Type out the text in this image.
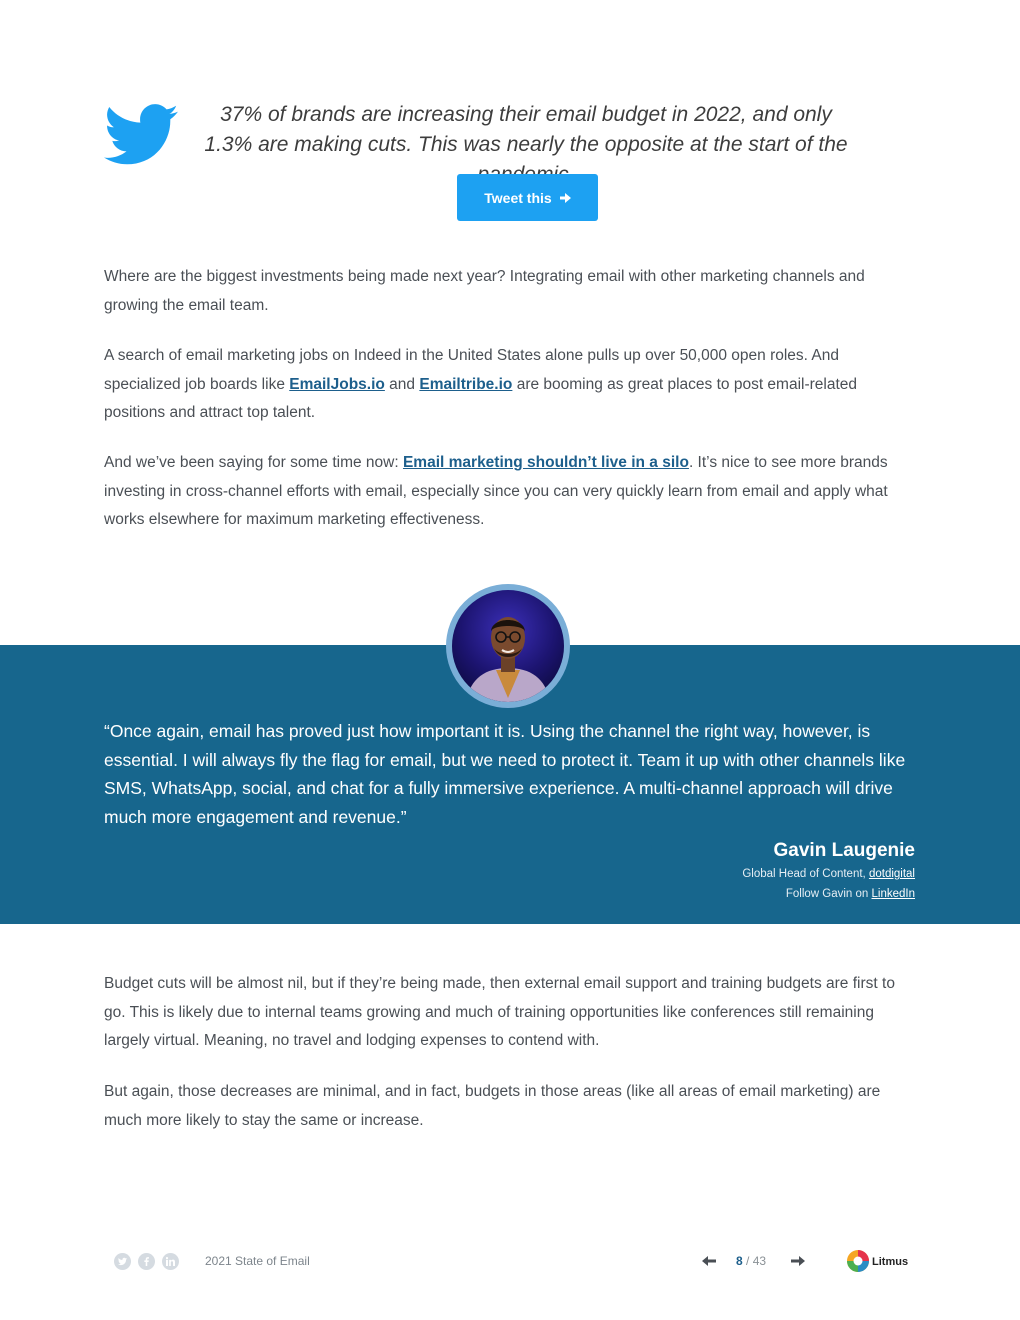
37% of brands are increasing their email budget in 2022, and only 1.3% are making cuts. This was nearly the opposite at the start of the
Tweet this

Where are the biggest investments being made next year? Integrating email with other marketing channels and growing the email team.

A search of email marketing jobs on Indeed in the United States alone pulls up over 50,000 open roles. And specialized job boards like EmailJobs.io and Emailtribe.io are booming as great places to post email-related positions and attract top talent.

And we’ve been saying for some time now: Email marketing shouldn’t live in a silo. It’s nice to see more brands investing in cross-channel efforts with email, especially since you can very quickly learn from email and apply what works elsewhere for maximum marketing effectiveness.

“Once again, email has proved just how important it is. Using the channel the right way, however, is essential. I will always fly the flag for email, but we need to protect it. Team it up with other channels like SMS, WhatsApp, social, and chat for a fully immersive experience. A multi-channel approach will drive much more engagement and revenue.”

Gavin Laugenie
Global Head of Content, dotdigital
Follow Gavin on LinkedIn

Budget cuts will be almost nil, but if they’re being made, then external email support and training budgets are first to go. This is likely due to internal teams growing and much of training opportunities like conferences still remaining largely virtual. Meaning, no travel and lodging expenses to contend with.

But again, those decreases are minimal, and in fact, budgets in those areas (like all areas of email marketing) are much more likely to stay the same or increase.

2021 State of Email	8 / 43	Litmus
